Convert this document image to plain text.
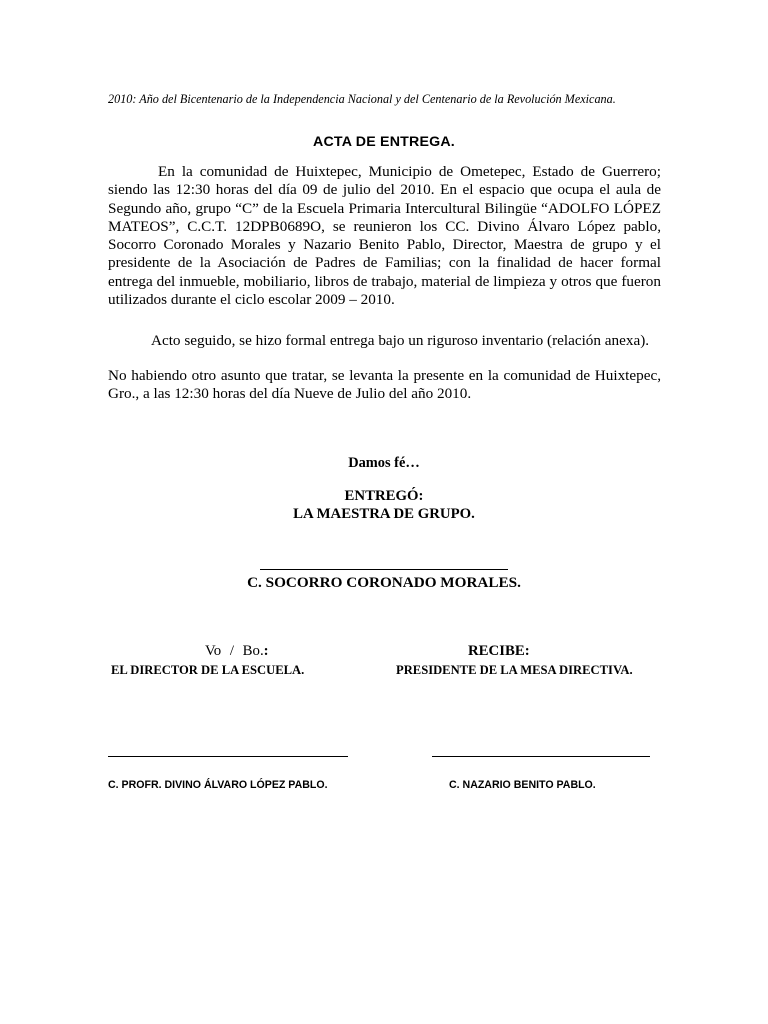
2010: Año del Bicentenario de la Independencia Nacional y del Centenario de la Revolución Mexicana.
ACTA DE ENTREGA.
En la comunidad de Huixtepec, Municipio de Ometepec, Estado de Guerrero; siendo las 12:30 horas del día 09 de julio del 2010. En el espacio que ocupa el aula de Segundo año, grupo “C” de la Escuela Primaria Intercultural Bilingüe “ADOLFO LÓPEZ MATEOS”, C.C.T. 12DPB0689O, se reunieron los CC. Divino Álvaro López pablo, Socorro Coronado Morales y Nazario Benito Pablo, Director, Maestra de grupo y el presidente de la Asociación de Padres de Familias; con la finalidad de hacer formal entrega del inmueble, mobiliario, libros de trabajo, material de limpieza y otros que fueron utilizados durante el ciclo escolar 2009 – 2010.
Acto seguido, se hizo formal entrega bajo un riguroso inventario (relación anexa).
No habiendo otro asunto que tratar, se levanta la presente en la comunidad de Huixtepec, Gro., a las 12:30 horas del día Nueve de Julio del año 2010.
Damos fé…
ENTREGÓ:
LA MAESTRA DE GRUPO.
C. SOCORRO CORONADO MORALES.
Vo / Bo.:	RECIBE:
EL DIRECTOR DE LA ESCUELA.	PRESIDENTE DE LA MESA DIRECTIVA.
C. PROFR. DIVINO ÁLVARO LÓPEZ PABLO.	C. NAZARIO BENITO PABLO.
